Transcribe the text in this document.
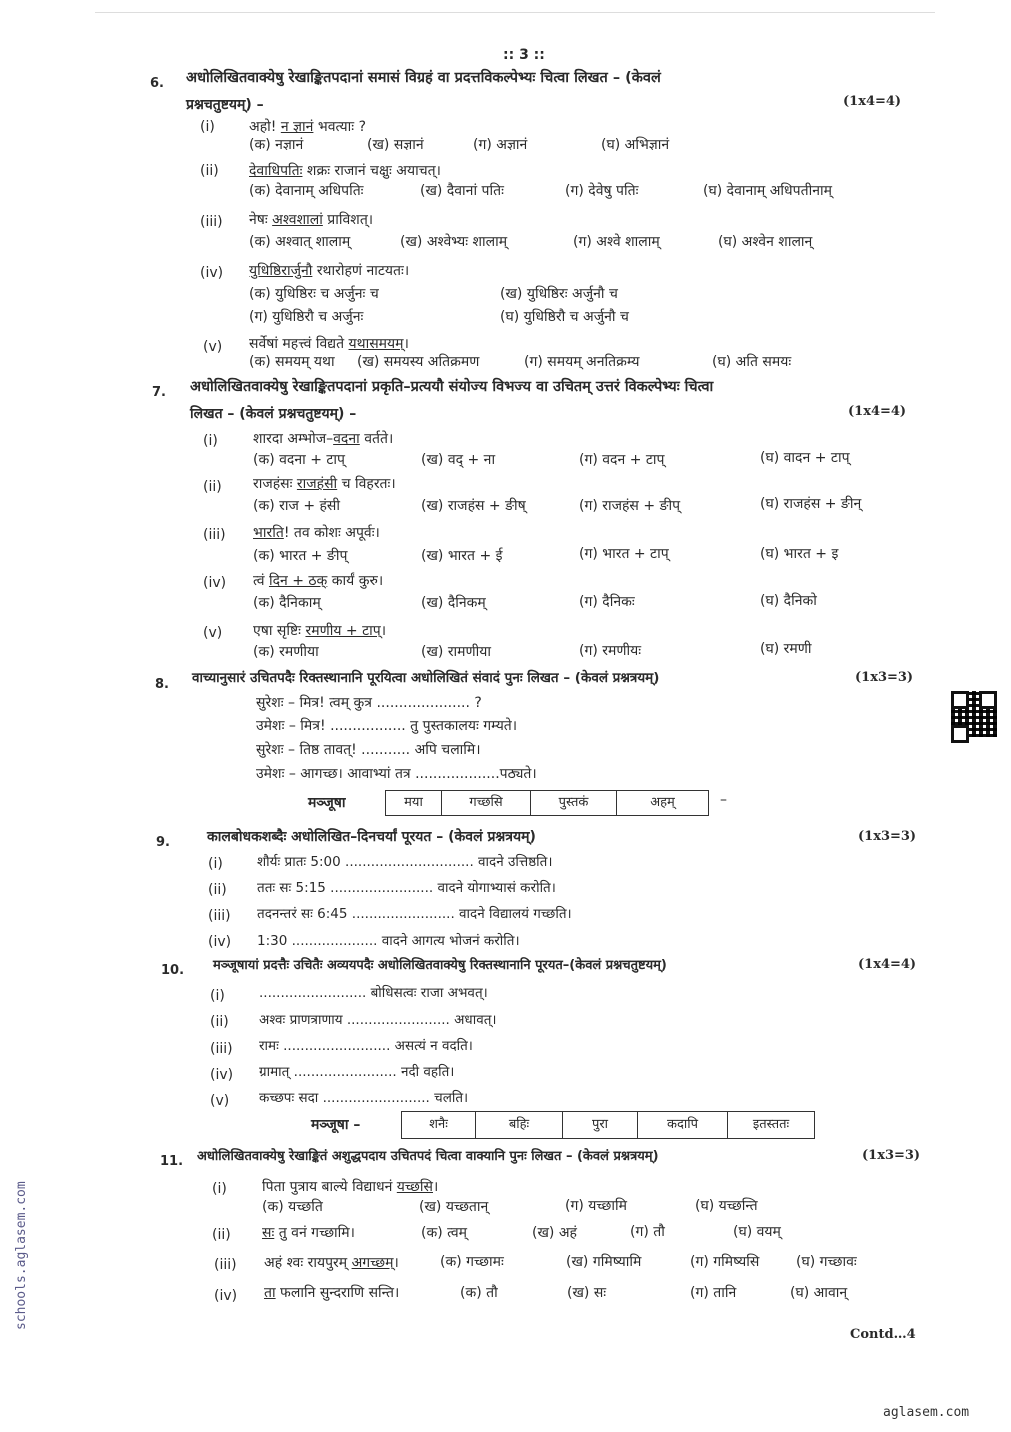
:: 3 ::
6. अधोलिखितवाक्येषु रेखाङ्कितपदानां समासं विग्रहं वा प्रदत्तविकल्पेभ्यः चित्वा लिखत – (केवलं
प्रश्नचतुष्टयम्) –	(1x4=4)
(i) अहो! न ज्ञानं भवत्याः ?
(क) नज्ञानं	(ख) सज्ञानं	(ग) अज्ञानं	(घ) अभिज्ञानं
(ii) देवाधिपतिः शक्रः राजानं चक्षुः अयाचत्।
(क) देवानाम् अधिपतिः	(ख) दैवानां पतिः	(ग) देवेषु पतिः	(घ) देवानाम् अधिपतीनाम्
(iii) नेषः अश्वशालां प्राविशत्।
(क) अश्वात् शालाम्	(ख) अश्वेभ्यः शालाम्	(ग) अश्वे शालाम्	(घ) अश्वेन शालान्
(iv) युधिष्ठिरार्जुनौ रथारोहणं नाटयतः।
(क) युधिष्ठिरः च अर्जुनः च	(ख) युधिष्ठिरः अर्जुनौ च
(ग) युधिष्ठिरौ च अर्जुनः	(घ) युधिष्ठिरौ च अर्जुनौ च
(v) सर्वेषां महत्त्वं विद्यते यथासमयम्।
(क) समयम् यथा (ख) समयस्य अतिक्रमण	(ग) समयम् अनतिक्रम्य	(घ) अति समयः
7. अधोलिखितवाक्येषु रेखाङ्कितपदानां प्रकृति–प्रत्ययौ संयोज्य विभज्य वा उचितम् उत्तरं विकल्पेभ्यः चित्वा
लिखत – (केवलं प्रश्नचतुष्टयम्) –	(1x4=4)
(i)	शारदा अम्भोज–वदना वर्तते।
(क) वदना + टाप्	(ख) वद् + ना	(ग) वदन + टाप्	(घ) वादन + टाप्
(ii) राजहंसः राजहंसी च विहरतः।
(क) राज + हंसी	(ख) राजहंस + ङीष्	(ग) राजहंस + ङीप्	(घ) राजहंस + ङीन्
(iii) भारति! तव कोशः अपूर्वः।
(क) भारत + ङीप्	(ख) भारत + ई	(ग) भारत + टाप्	(घ) भारत + इ
(iv) त्वं दिन + ठक् कार्यं कुरु।
(क) दैनिकाम्	(ख) दैनिकम्	(ग) दैनिकः	(घ) दैनिको
(v) एषा सृष्टिः रमणीय + टाप्।
(क) रमणीया	(ख) रामणीया	(ग) रमणीयः	(घ) रमणी
8. वाच्यानुसारं उचितपदैः रिक्तस्थानानि पूरयित्वा अधोलिखितं संवादं पुनः लिखत – (केवलं प्रश्नत्रयम्)	(1x3=3)
सुरेशः – मित्र! त्वम् कुत्र ..................... ?
उमेशः – मित्र! ................. तु पुस्तकालयः गम्यते।
सुरेशः – तिष्ठ तावत्! ........... अपि चलामि।
उमेशः – आगच्छ। आवाभ्यां तत्र ...................पठ्यते।
मञ्जूषा	मया	गच्छसि	पुस्तकं	अहम्	–
9.	कालबोधकशब्दैः अधोलिखित–दिनचर्यां पूरयत – (केवलं प्रश्नत्रयम्)	(1x3=3)
(i)	शौर्यः प्रातः 5:00 .............................. वादने उत्तिष्ठति।
(ii) ततः सः 5:15 ........................ वादने योगाभ्यासं करोति।
(iii) तदनन्तरं सः 6:45 ........................ वादने विद्यालयं गच्छति।
(iv) 1:30 .................... वादने आगत्य भोजनं करोति।
10. मञ्जूषायां प्रदत्तैः उचितैः अव्ययपदैः अधोलिखितवाक्येषु रिक्तस्थानानि पूरयत–(केवलं प्रश्नचतुष्टयम्)	(1x4=4)
(i)	......................... बोधिसत्वः राजा अभवत्।
(ii) अश्वः प्राणत्राणाय ........................ अधावत्।
(iii) रामः ......................... असत्यं न वदति।
(iv) ग्रामात् ........................ नदी वहति।
(v) कच्छपः सदा ......................... चलति।
मञ्जूषा –	शनैः	बहिः	पुरा	कदापि	इतस्ततः
11. अधोलिखितवाक्येषु रेखाङ्कितं अशुद्धपदाय उचितपदं चित्वा वाक्यानि पुनः लिखत – (केवलं प्रश्नत्रयम्)	(1x3=3)
(i)	पिता पुत्राय बाल्ये विद्याधनं यच्छसि।
(क) यच्छति	(ख) यच्छतान्	(ग) यच्छामि	(घ) यच्छन्ति
(ii) सः तु वनं गच्छामि।	(क) त्वम्	(ख) अहं	(ग) तौ	(घ) वयम्
(iii) अहं श्वः रायपुरम् अगच्छम्।	(क) गच्छामः	(ख) गमिष्यामि	(ग) गमिष्यसि	(घ) गच्छावः
(iv) ता फलानि सुन्दराणि सन्ति।	(क) तौ	(ख) सः	(ग) तानि	(घ) आवान्
Contd…4
schools.aglasem.com
aglasem.com
